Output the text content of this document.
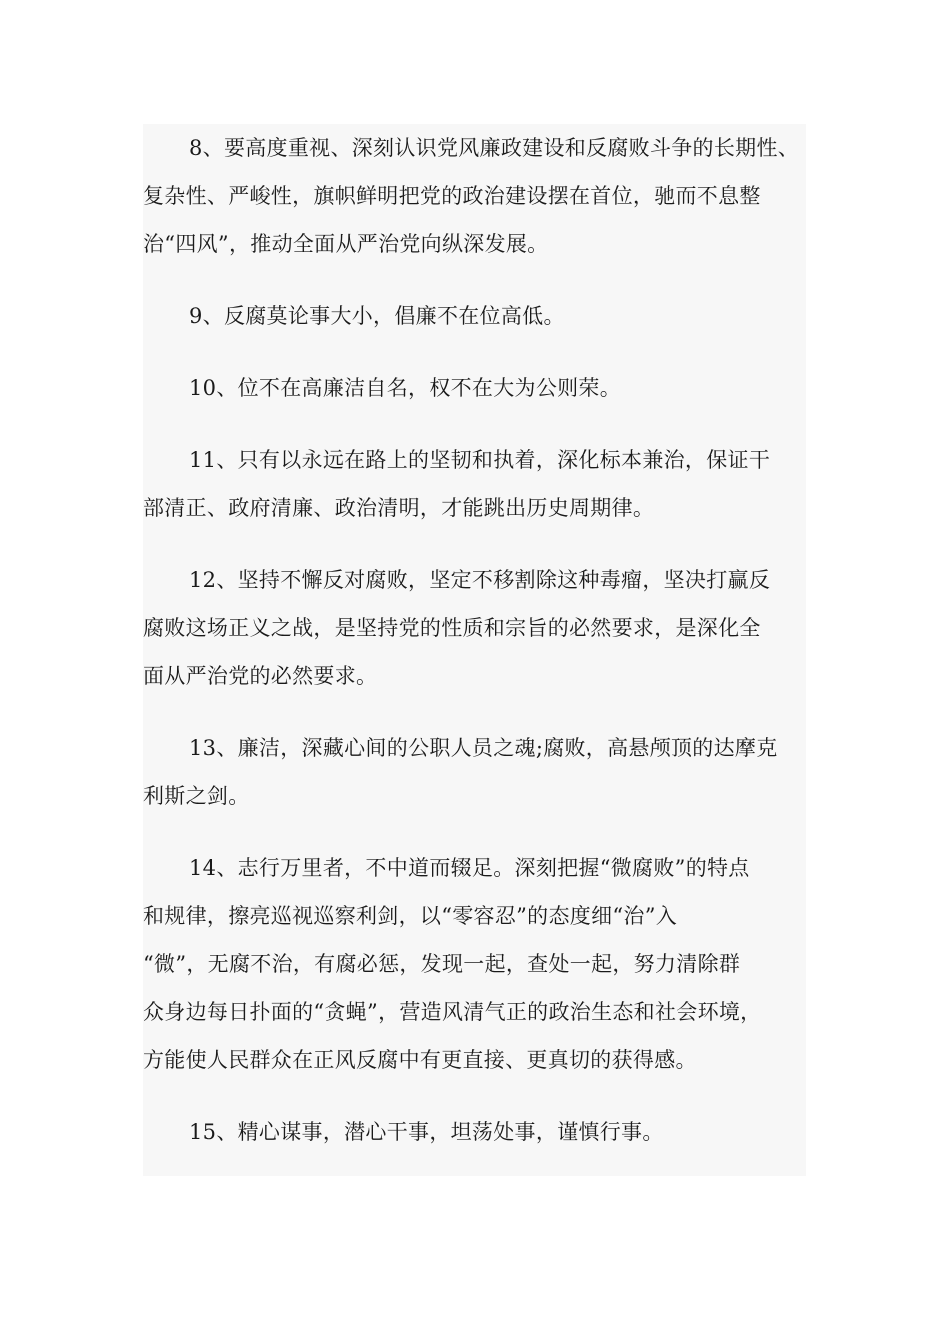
8、要高度重视、深刻认识党风廉政建设和反腐败斗争的长期性、
复杂性、严峻性，旗帜鲜明把党的政治建设摆在首位，驰而不息整
治“四风”，推动全面从严治党向纵深发展。

9、反腐莫论事大小，倡廉不在位高低。

10、位不在高廉洁自名，权不在大为公则荣。

11、只有以永远在路上的坚韧和执着，深化标本兼治，保证干
部清正、政府清廉、政治清明，才能跳出历史周期律。

12、坚持不懈反对腐败，坚定不移割除这种毒瘤，坚决打赢反
腐败这场正义之战，是坚持党的性质和宗旨的必然要求，是深化全
面从严治党的必然要求。

13、廉洁，深藏心间的公职人员之魂;腐败，高悬颅顶的达摩克
利斯之剑。

14、志行万里者，不中道而辍足。深刻把握“微腐败”的特点
和规律，擦亮巡视巡察利剑，以“零容忍”的态度细“治”入
“微”，无腐不治，有腐必惩，发现一起，查处一起，努力清除群
众身边每日扑面的“贪蝇”，营造风清气正的政治生态和社会环境，
方能使人民群众在正风反腐中有更直接、更真切的获得感。

15、精心谋事，潜心干事，坦荡处事，谨慎行事。
